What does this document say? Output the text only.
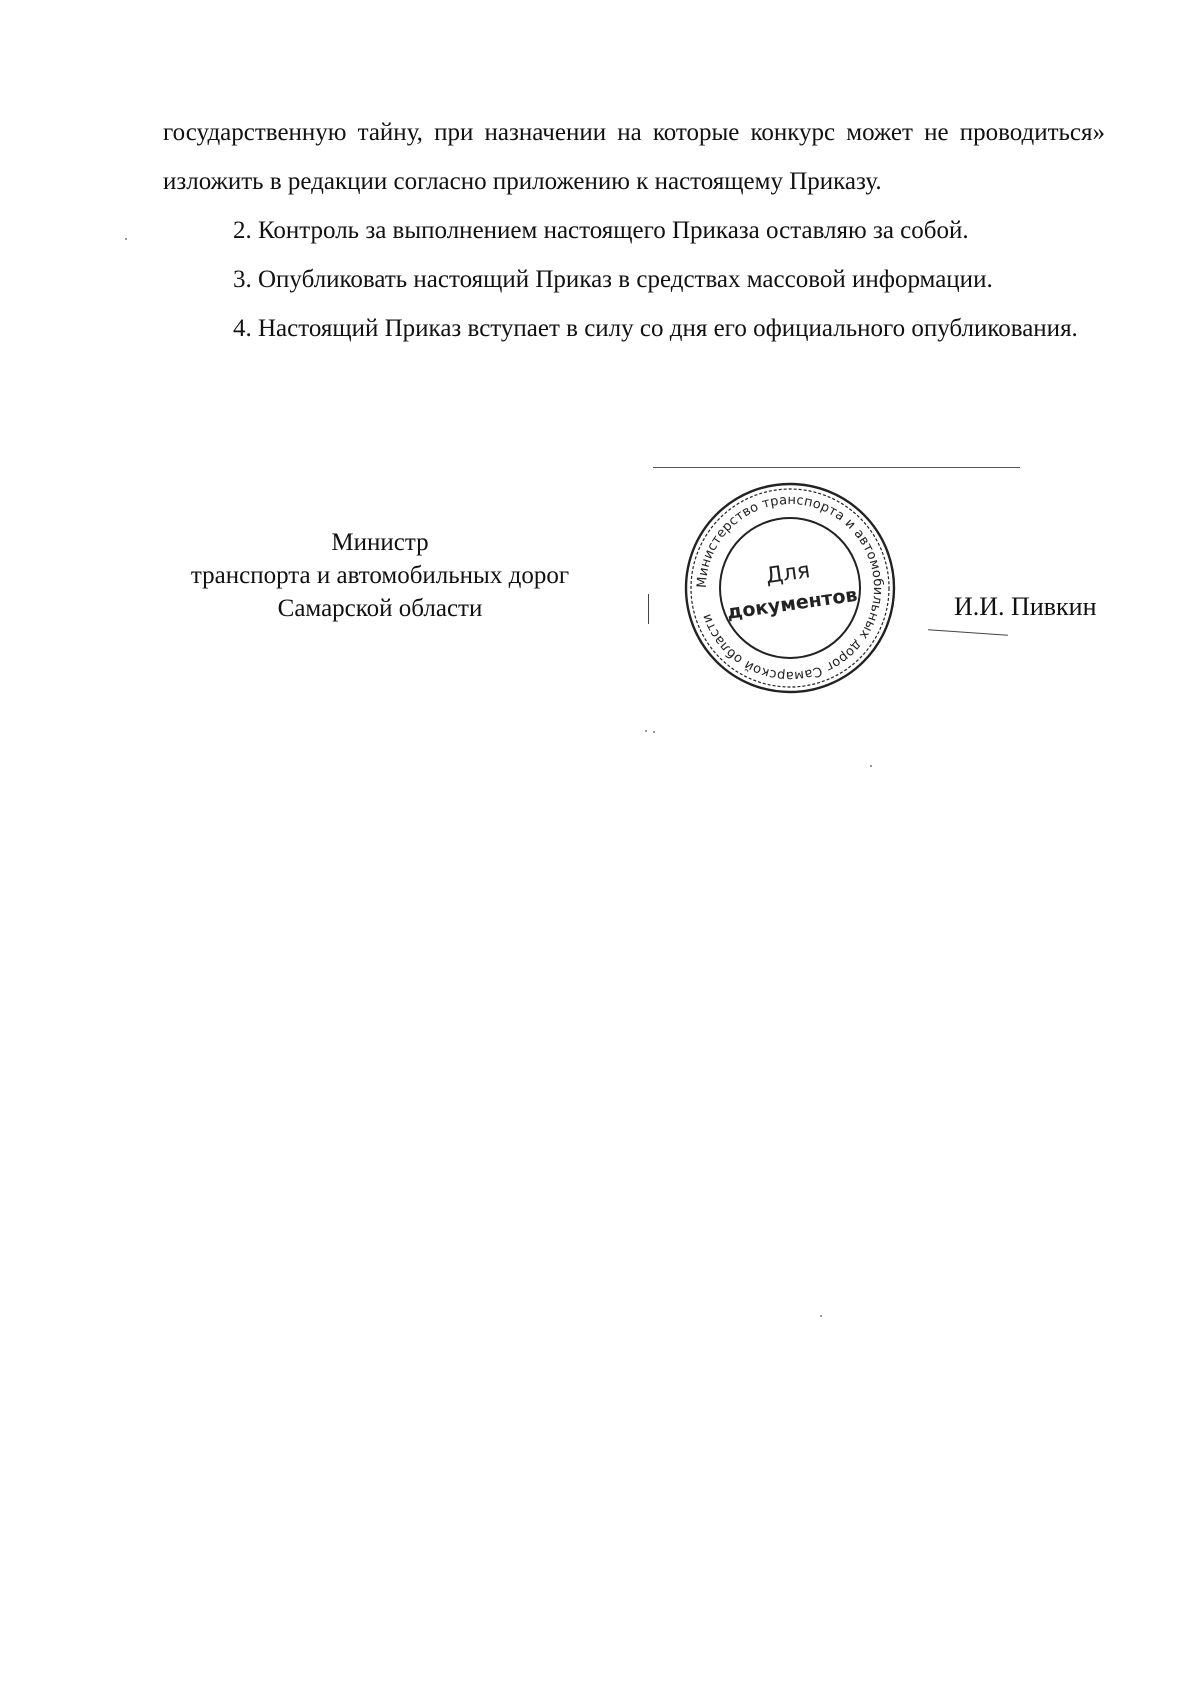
государственную тайну, при назначении на которые конкурс может не проводиться» изложить в редакции согласно приложению к настоящему Приказу.

2. Контроль за выполнением настоящего Приказа оставляю за собой.

3. Опубликовать настоящий Приказ в средствах массовой информации.

4. Настоящий Приказ вступает в силу со дня его официального опубликования.

Министр
транспорта и автомобильных дорог
Самарской области
Министерство транспорта и автомобильных дорог Самарской области
Для
документов	И.И. Пивкин
